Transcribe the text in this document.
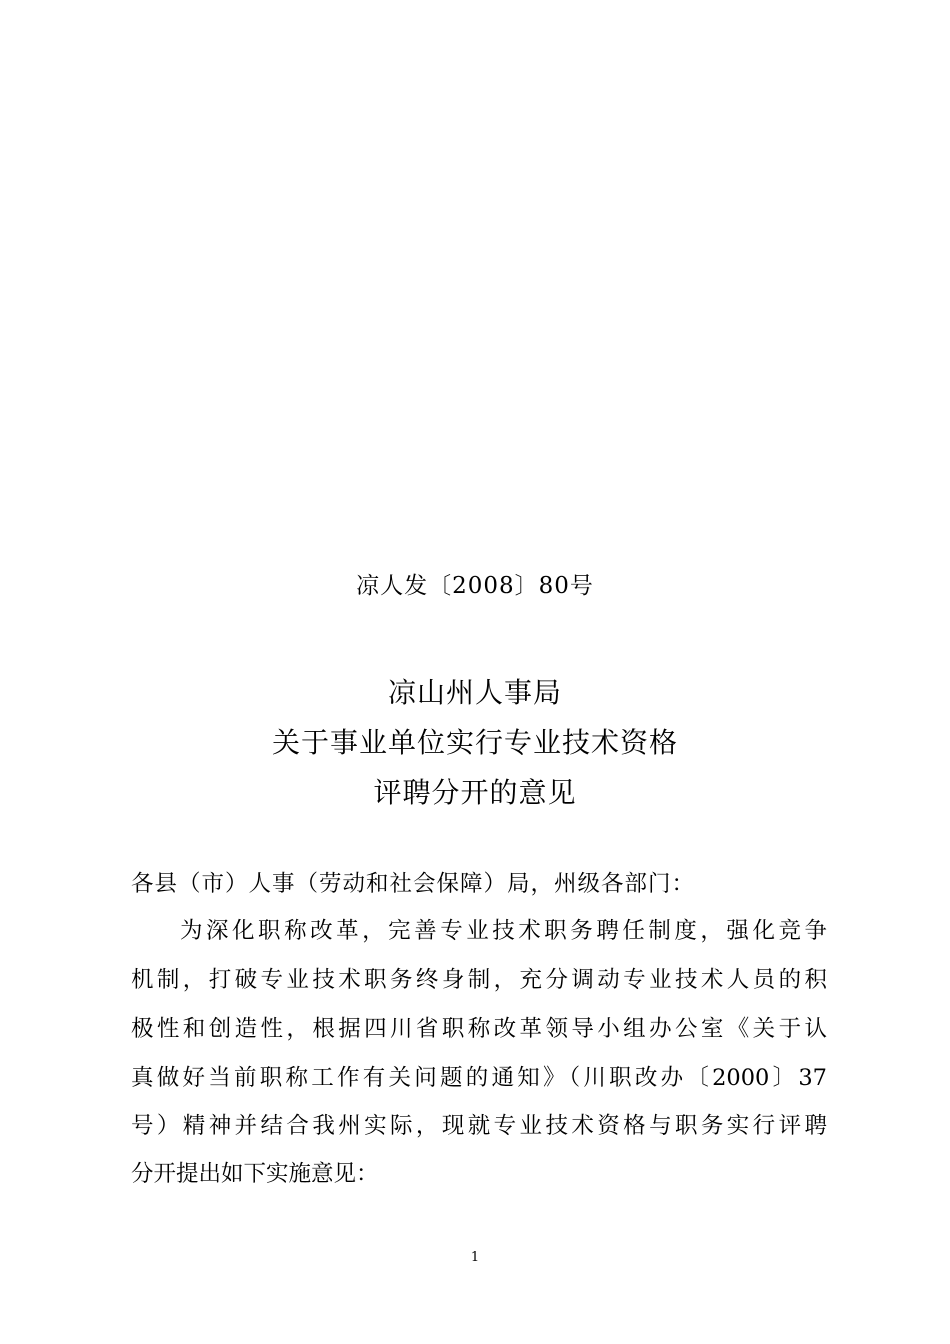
凉人发〔2008〕80号
凉山州人事局
关于事业单位实行专业技术资格
评聘分开的意见
各县（市）人事（劳动和社会保障）局，州级各部门：
为深化职称改革，完善专业技术职务聘任制度，强化竞争
机制，打破专业技术职务终身制，充分调动专业技术人员的积
极性和创造性，根据四川省职称改革领导小组办公室《关于认
真做好当前职称工作有关问题的通知》（川职改办〔2000〕37
号）精神并结合我州实际，现就专业技术资格与职务实行评聘
分开提出如下实施意见：
1
